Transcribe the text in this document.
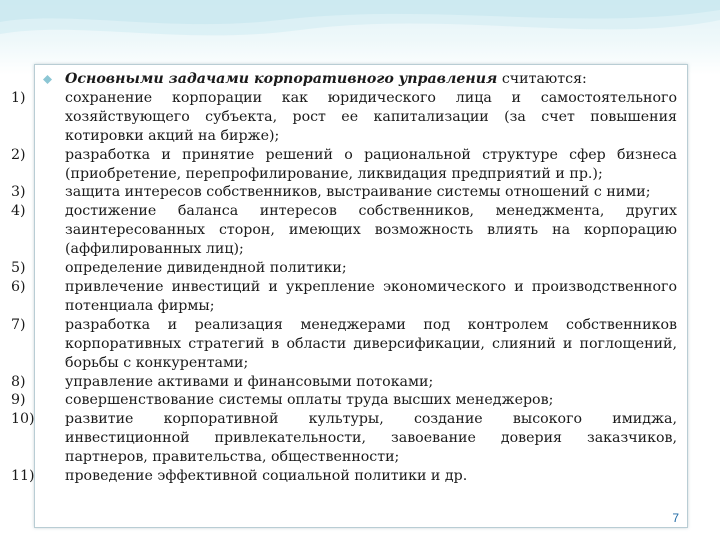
Основными задачами корпоративного управления считаются:
1)	сохранение корпорации как юридического лица и самостоятельного хозяйствующего субъекта, рост ее капитализации (за счет повышения котировки акций на бирже);
2)	разработка и принятие решений о рациональной структуре сфер бизнеса (приобретение, перепрофилирование, ликвидация предприятий и пр.);
3)	защита интересов собственников, выстраивание системы отношений с ними;
4)	достижение баланса интересов собственников, менеджмента, других заинтересованных сторон, имеющих возможность влиять на корпорацию (аффилированных лиц);
5)	определение дивидендной политики;
6)	привлечение инвестиций и укрепление экономического и производственного потенциала фирмы;
7)	разработка и реализация менеджерами под контролем собственников корпоративных стратегий в области диверсификации, слияний и поглощений, борьбы с конкурентами;
8)	управление активами и финансовыми потоками;
9)	совершенствование системы оплаты труда высших менеджеров;
10)	развитие корпоративной культуры, создание высокого имиджа, инвестиционной привлекательности, завоевание доверия заказчиков, партнеров, правительства, общественности;
11)	проведение эффективной социальной политики и др.
7
